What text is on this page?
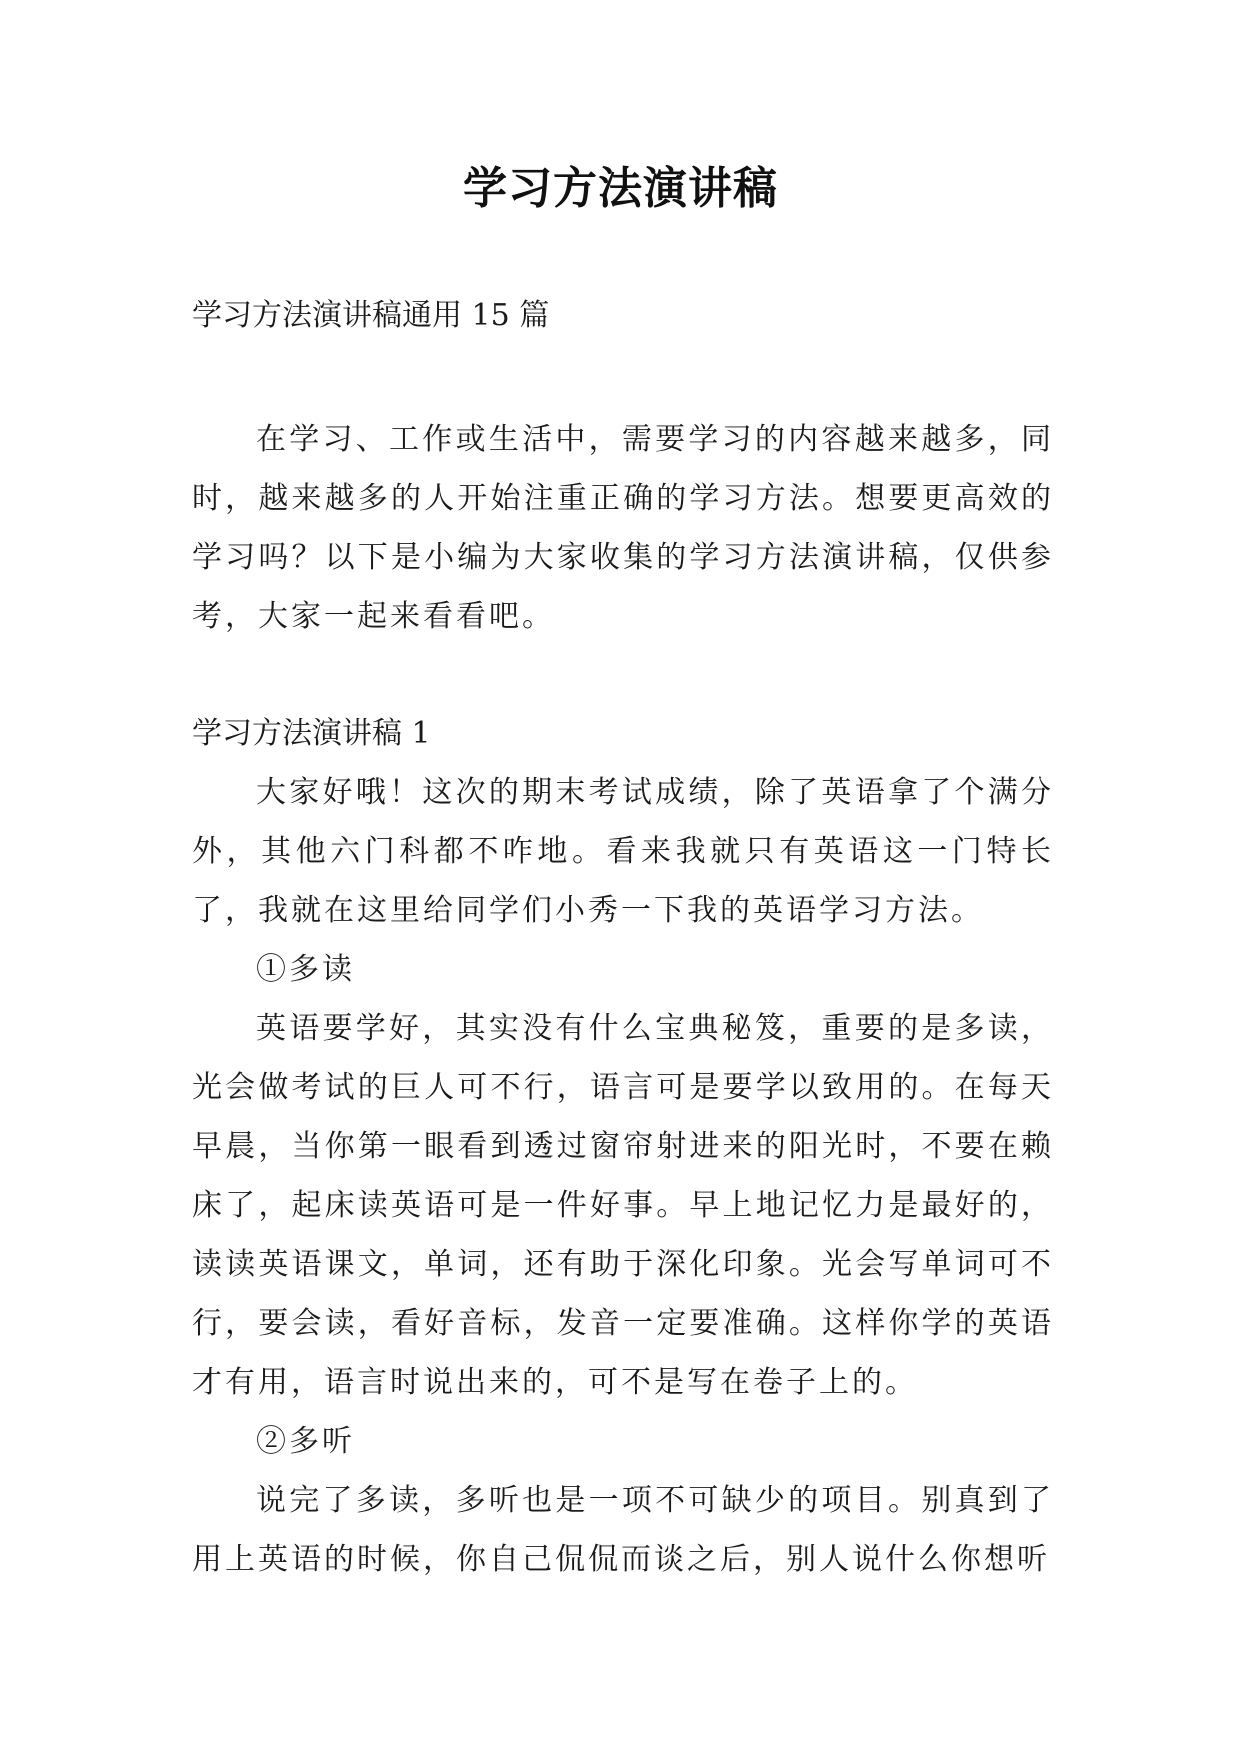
学习方法演讲稿

学习方法演讲稿通用 15 篇

在学习、工作或生活中，需要学习的内容越来越多，同时，越来越多的人开始注重正确的学习方法。想要更高效的学习吗？以下是小编为大家收集的学习方法演讲稿，仅供参考，大家一起来看看吧。

学习方法演讲稿 1

大家好哦！这次的期末考试成绩，除了英语拿了个满分外，其他六门科都不咋地。看来我就只有英语这一门特长了，我就在这里给同学们小秀一下我的英语学习方法。

①多读

英语要学好，其实没有什么宝典秘笈，重要的是多读，光会做考试的巨人可不行，语言可是要学以致用的。在每天早晨，当你第一眼看到透过窗帘射进来的阳光时，不要在赖床了，起床读英语可是一件好事。早上地记忆力是最好的，读读英语课文，单词，还有助于深化印象。光会写单词可不行，要会读，看好音标，发音一定要准确。这样你学的英语才有用，语言时说出来的，可不是写在卷子上的。

②多听

说完了多读，多听也是一项不可缺少的项目。别真到了用上英语的时候，你自己侃侃而谈之后，别人说什么你想听
